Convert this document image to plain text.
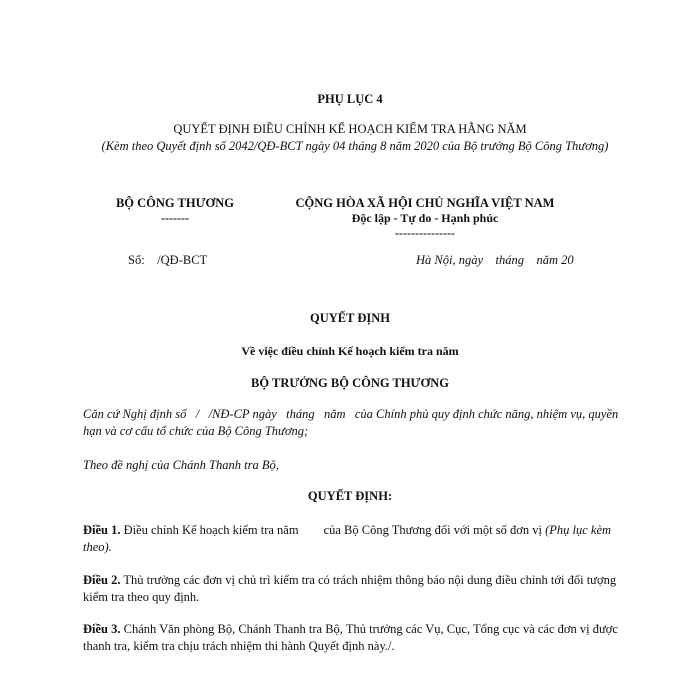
PHỤ LỤC 4
QUYẾT ĐỊNH ĐIỀU CHỈNH KẾ HOẠCH KIỂM TRA HẰNG NĂM
(Kèm theo Quyết định số 2042/QĐ-BCT ngày 04 tháng 8 năm 2020 của Bộ trưởng Bộ Công Thương)
BỘ CÔNG THƯƠNG
-------
CỘNG HÒA XÃ HỘI CHỦ NGHĨA VIỆT NAM
Độc lập - Tự do - Hạnh phúc
---------------
Số:    /QĐ-BCT	Hà Nội, ngày    tháng    năm 20
QUYẾT ĐỊNH
Về việc điều chỉnh Kế hoạch kiểm tra năm
BỘ TRƯỞNG BỘ CÔNG THƯƠNG
Căn cứ Nghị định số   /   /NĐ-CP ngày   tháng   năm   của Chính phủ quy định chức năng, nhiệm vụ, quyền hạn và cơ cấu tổ chức của Bộ Công Thương;
Theo đề nghị của Chánh Thanh tra Bộ,
QUYẾT ĐỊNH:
Điều 1. Điều chỉnh Kế hoạch kiểm tra năm        của Bộ Công Thương đối với một số đơn vị (Phụ lục kèm theo).
Điều 2. Thủ trưởng các đơn vị chủ trì kiểm tra có trách nhiệm thông báo nội dung điều chỉnh tới đối tượng kiểm tra theo quy định.
Điều 3. Chánh Văn phòng Bộ, Chánh Thanh tra Bộ, Thủ trưởng các Vụ, Cục, Tổng cục và các đơn vị được thanh tra, kiểm tra chịu trách nhiệm thi hành Quyết định này./.
